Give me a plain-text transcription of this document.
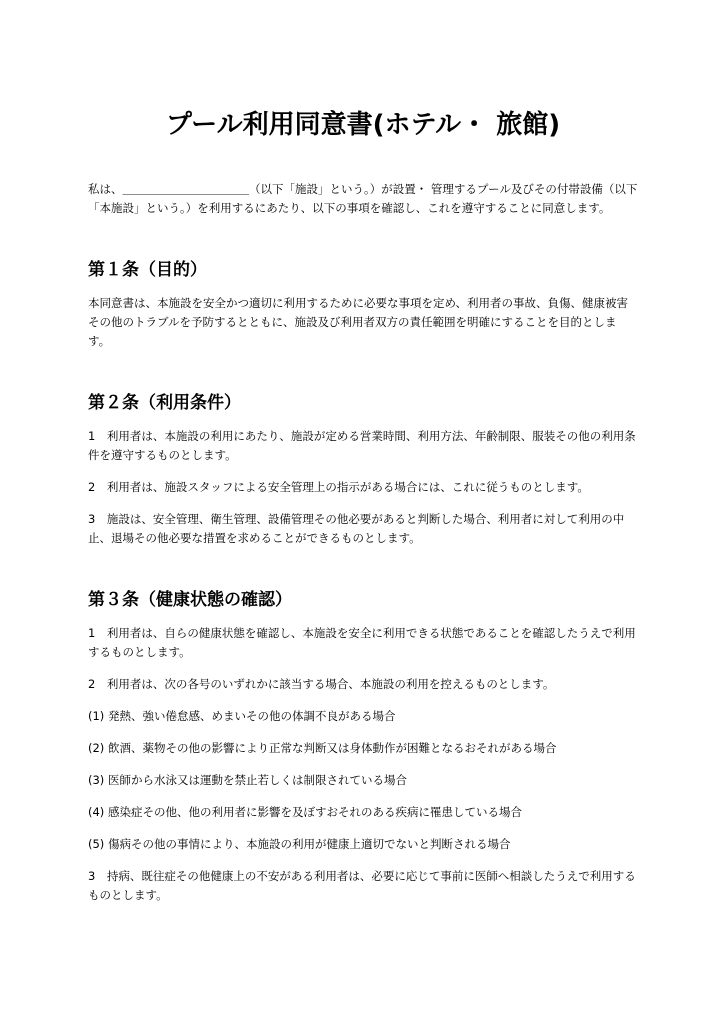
プール利用同意書(ホテル・ 旅館)

私は、＿＿＿＿＿＿＿＿＿＿＿（以下「施設」という。）が設置・ 管理するプール及びその付帯設備（以下「本施設」という。）を利用するにあたり、以下の事項を確認し、これを遵守することに同意します。

第１条（目的）

本同意書は、本施設を安全かつ適切に利用するために必要な事項を定め、利用者の事故、負傷、健康被害その他のトラブルを予防するとともに、施設及び利用者双方の責任範囲を明確にすることを目的とします。

第２条（利用条件）

1　利用者は、本施設の利用にあたり、施設が定める営業時間、利用方法、年齢制限、服装その他の利用条件を遵守するものとします。

2　利用者は、施設スタッフによる安全管理上の指示がある場合には、これに従うものとします。

3　施設は、安全管理、衛生管理、設備管理その他必要があると判断した場合、利用者に対して利用の中止、退場その他必要な措置を求めることができるものとします。

第３条（健康状態の確認）

1　利用者は、自らの健康状態を確認し、本施設を安全に利用できる状態であることを確認したうえで利用するものとします。

2　利用者は、次の各号のいずれかに該当する場合、本施設の利用を控えるものとします。

(1) 発熱、強い倦怠感、めまいその他の体調不良がある場合

(2) 飲酒、薬物その他の影響により正常な判断又は身体動作が困難となるおそれがある場合

(3) 医師から水泳又は運動を禁止若しくは制限されている場合

(4) 感染症その他、他の利用者に影響を及ぼすおそれのある疾病に罹患している場合

(5) 傷病その他の事情により、本施設の利用が健康上適切でないと判断される場合

3　持病、既往症その他健康上の不安がある利用者は、必要に応じて事前に医師へ相談したうえで利用するものとします。
